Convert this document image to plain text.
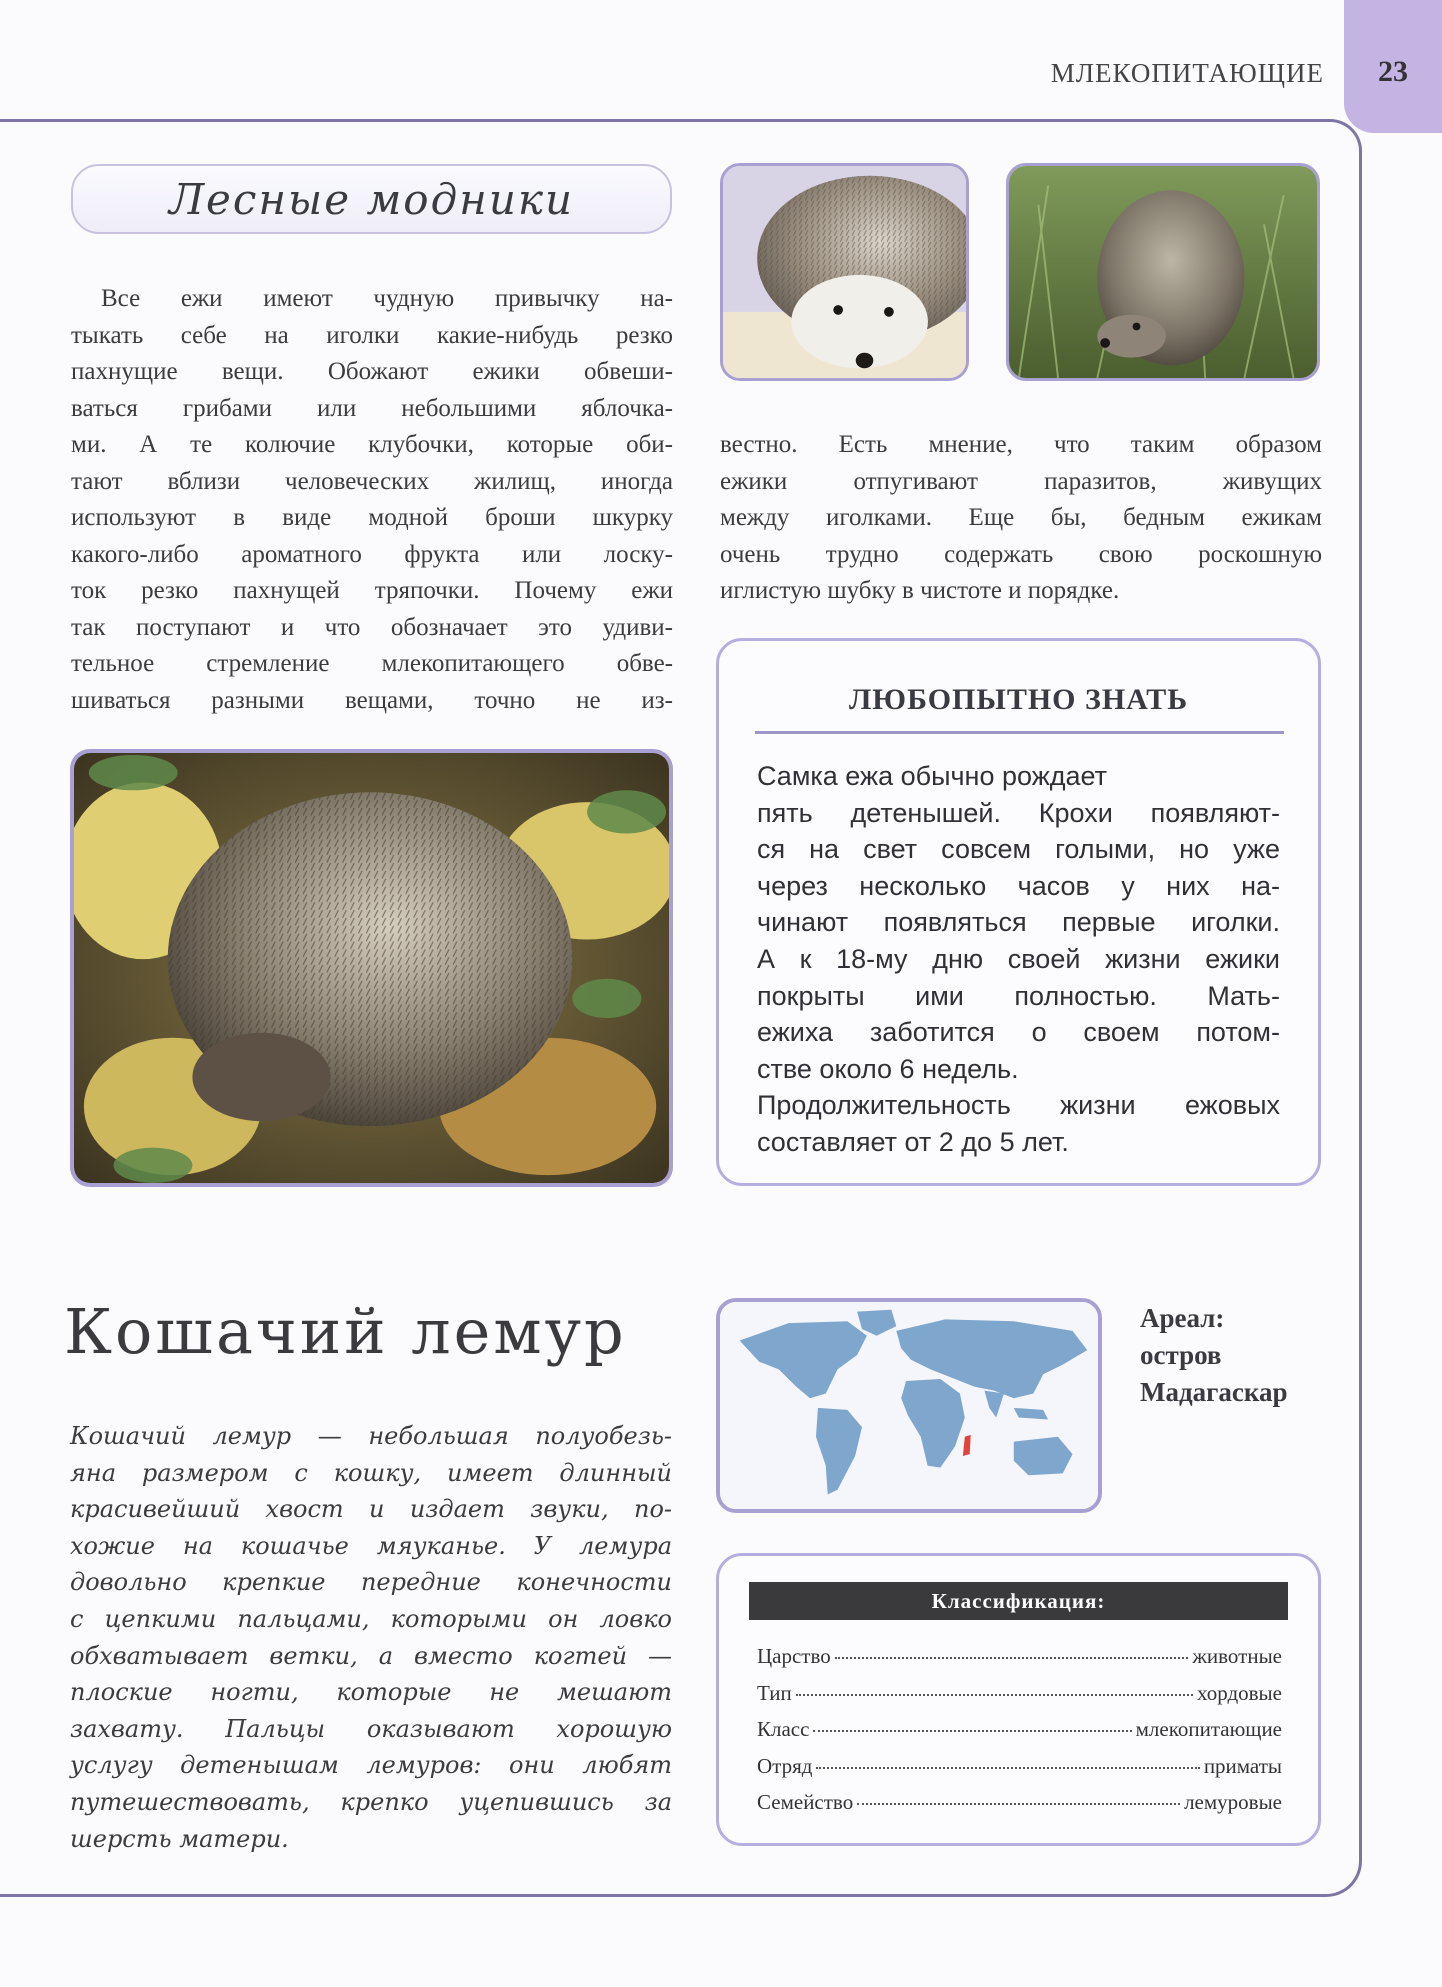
23
МЛЕКОПИТАЮЩИЕ
Лесные модники
Все ежи имеют чудную привычку на-
тыкать себе на иголки какие-нибудь резко
пахнущие вещи. Обожают ежики обвеши-
ваться грибами или небольшими яблочка-
ми. А те колючие клубочки, которые оби-
тают вблизи человеческих жилищ, иногда
используют в виде модной броши шкурку
какого-либо ароматного фрукта или лоску-
ток резко пахнущей тряпочки. Почему ежи
так поступают и что обозначает это удиви-
тельное стремление млекопитающего обве-
шиваться разными вещами, точно не из-
вестно. Есть мнение, что таким образом
ежики отпугивают паразитов, живущих
между иголками. Еще бы, бедным ежикам
очень трудно содержать свою роскошную
иглистую шубку в чистоте и порядке.
ЛЮБОПЫТНО ЗНАТЬ
Самка ежа обычно рождает
пять детенышей. Крохи появляют-
ся на свет совсем голыми, но уже
через несколько часов у них на-
чинают появляться первые иголки.
А к 18-му дню своей жизни ежики
покрыты ими полностью. Мать-
ежиха заботится о своем потом-
стве около 6 недель.
Продолжительность жизни ежовых
составляет от 2 до 5 лет.
Кошачий лемур
Кошачий лемур — небольшая полуобезь-
яна размером с кошку, имеет длинный
красивейший хвост и издает звуки, по-
хожие на кошачье мяуканье. У лемура
довольно крепкие передние конечности
с цепкими пальцами, которыми он ловко
обхватывает ветки, а вместо когтей —
плоские ногти, которые не мешают
захвату. Пальцы оказывают хорошую
услугу детенышам лемуров: они любят
путешествовать, крепко уцепившись за
шерсть матери.
Ареал:
остров
Мадагаскар
Классификация:
Царство	животные
Тип	хордовые
Класс	млекопитающие
Отряд	приматы
Семейство	лемуровые
